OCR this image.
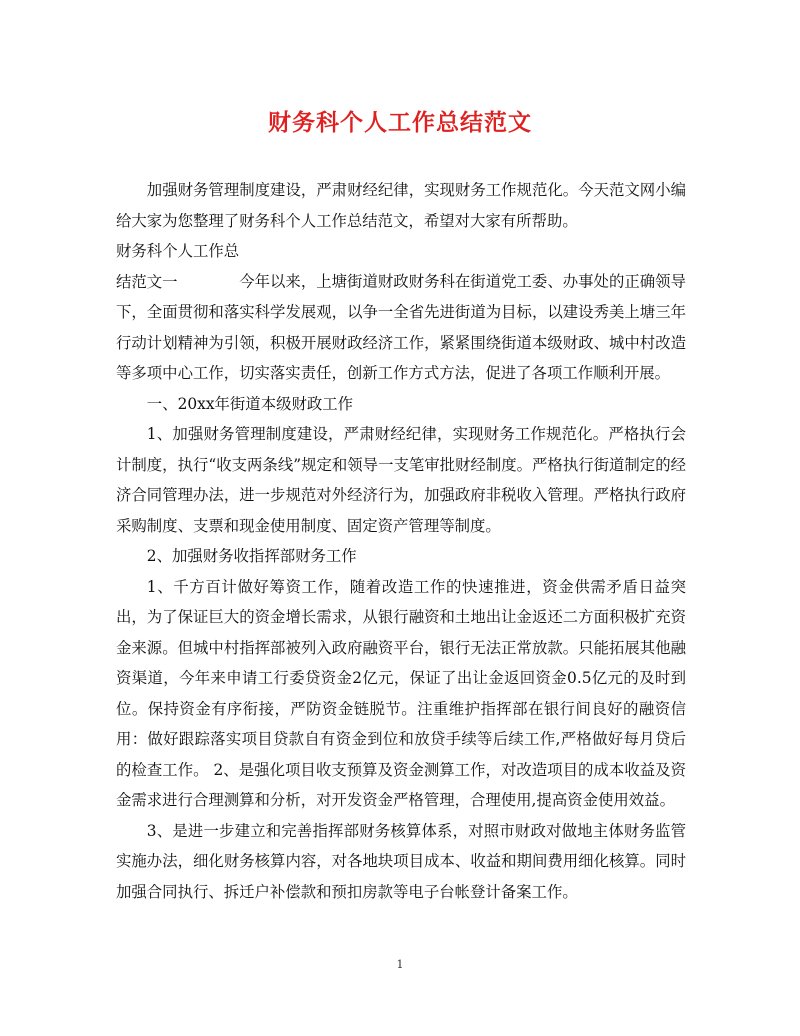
财务科个人工作总结范文

加强财务管理制度建设，严肃财经纪律，实现财务工作规范化。今天范文网小编给大家为您整理了财务科个人工作总结范文，希望对大家有所帮助。

财务科个人工作总结范文一	今年以来，上塘街道财政财务科在街道党工委、办事处的正确领导下，全面贯彻和落实科学发展观，以争一全省先进街道为目标，以建设秀美上塘三年行动计划精神为引领，积极开展财政经济工作，紧紧围绕街道本级财政、城中村改造等多项中心工作，切实落实责任，创新工作方式方法，促进了各项工作顺利开展。

一、20xx年街道本级财政工作

1、加强财务管理制度建设，严肃财经纪律，实现财务工作规范化。严格执行会计制度，执行“收支两条线”规定和领导一支笔审批财经制度。严格执行街道制定的经济合同管理办法，进一步规范对外经济行为，加强政府非税收入管理。严格执行政府采购制度、支票和现金使用制度、固定资产管理等制度。

2、加强财务收指挥部财务工作

1、千方百计做好筹资工作，随着改造工作的快速推进，资金供需矛盾日益突出，为了保证巨大的资金增长需求，从银行融资和土地出让金返还二方面积极扩充资金来源。但城中村指挥部被列入政府融资平台，银行无法正常放款。只能拓展其他融资渠道，今年来申请工行委贷资金2亿元，保证了出让金返回资金0.5亿元的及时到位。保持资金有序衔接，严防资金链脱节。注重维护指挥部在银行间良好的融资信用：做好跟踪落实项目贷款自有资金到位和放贷手续等后续工作,严格做好每月贷后的检查工作。 2、是强化项目收支预算及资金测算工作，对改造项目的成本收益及资金需求进行合理测算和分析，对开发资金严格管理，合理使用,提高资金使用效益。

3、是进一步建立和完善指挥部财务核算体系，对照市财政对做地主体财务监管实施办法，细化财务核算内容，对各地块项目成本、收益和期间费用细化核算。同时加强合同执行、拆迁户补偿款和预扣房款等电子台帐登计备案工作。

1
